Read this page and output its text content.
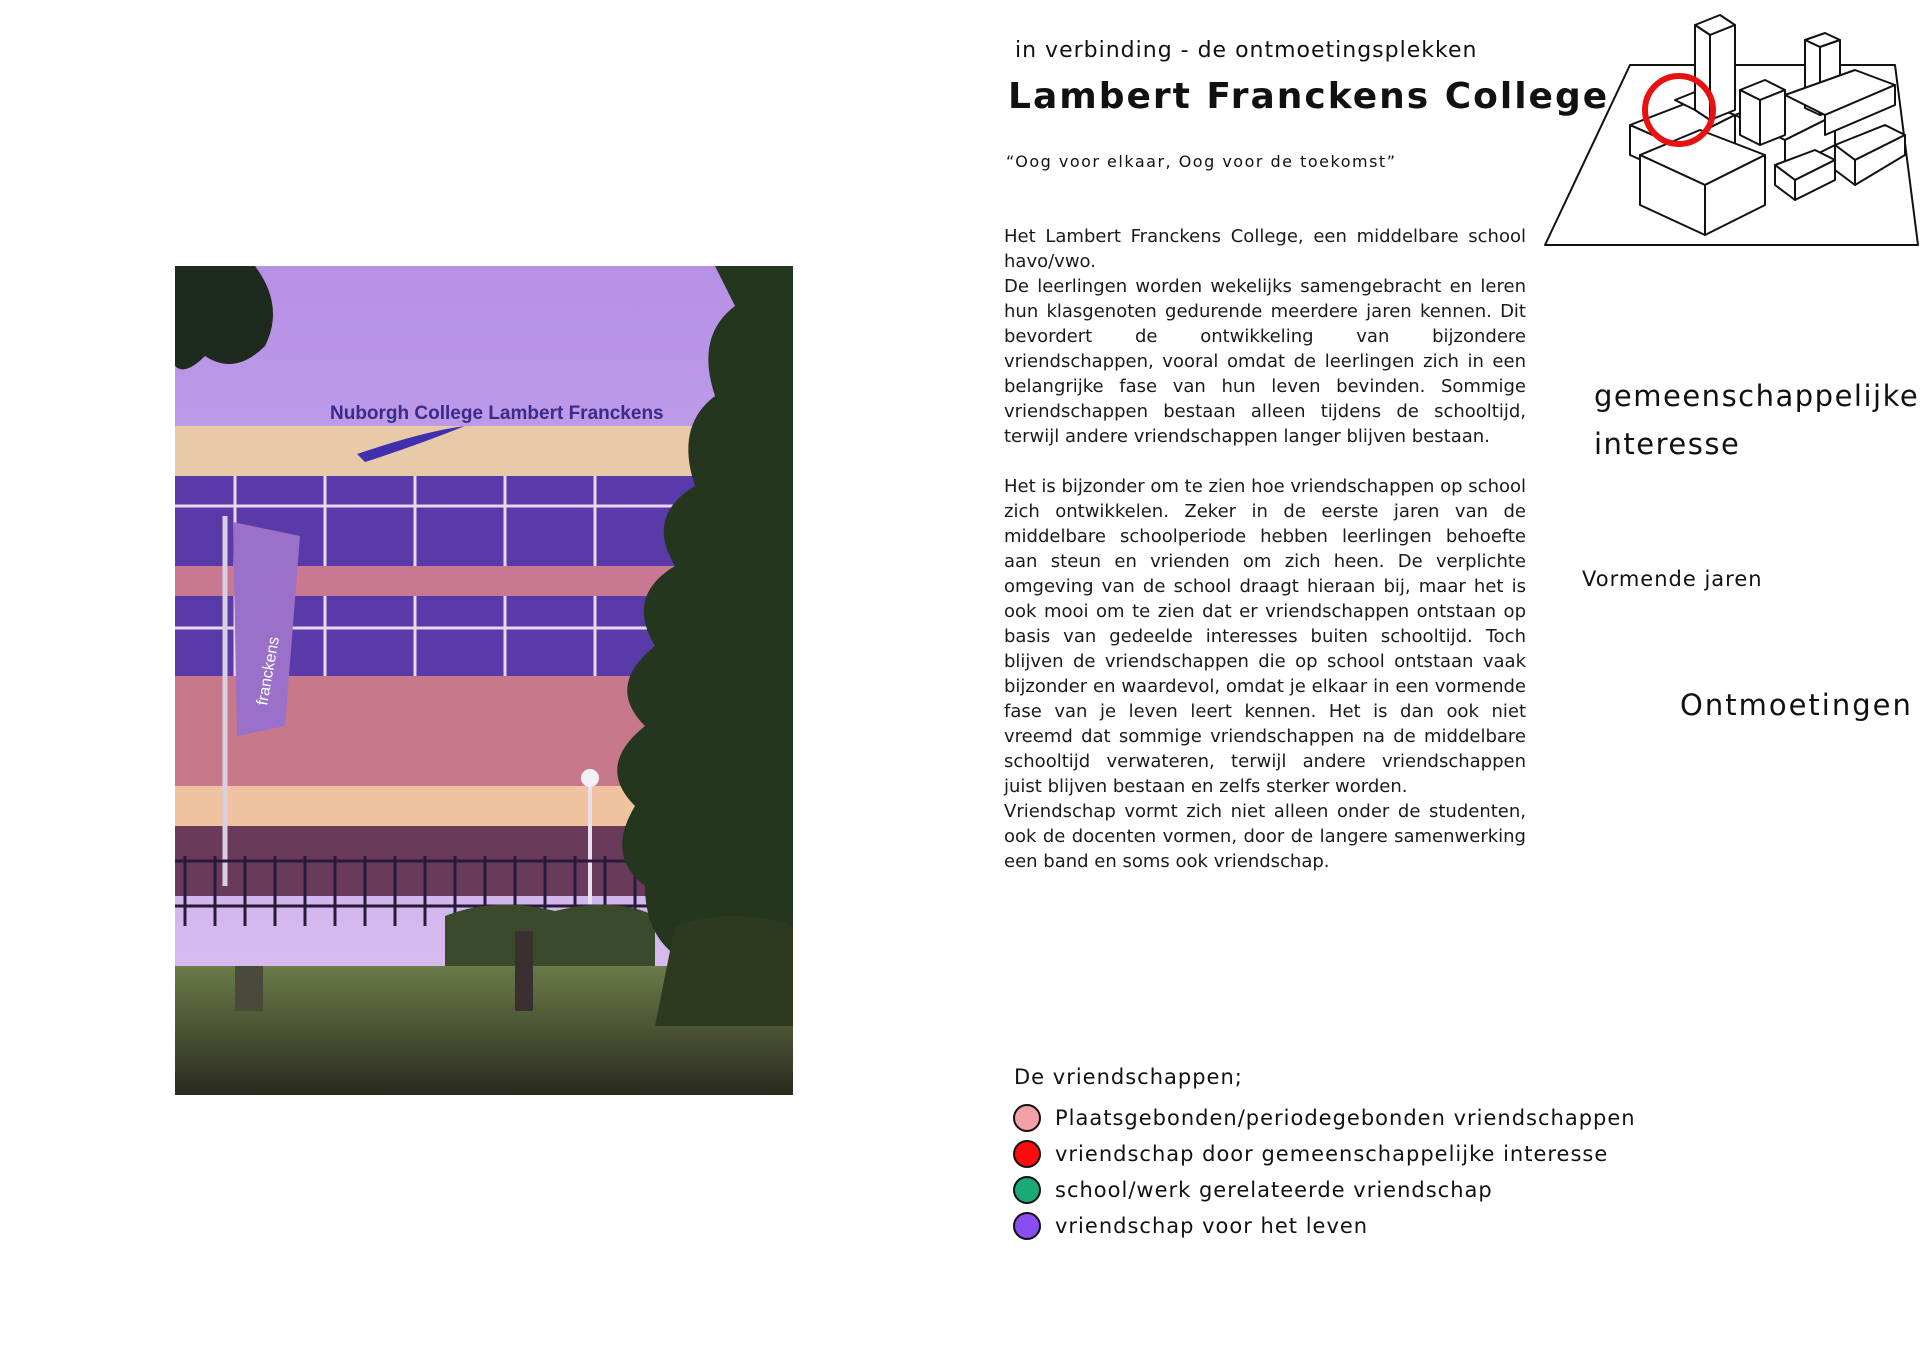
Nuborgh College Lambert Franckens
franckens
in verbinding - de ontmoetingsplekken
Lambert Franckens College
“Oog voor elkaar, Oog voor de toekomst”

Het Lambert Franckens College, een middelbare school havo/vwo.

De leerlingen worden wekelijks samengebracht en leren hun klasgenoten gedurende meerdere jaren kennen. Dit bevordert de ontwikkeling van bijzondere vriendschappen, vooral omdat de leerlingen zich in een belangrijke fase van hun leven bevinden. Sommige vriendschappen bestaan alleen tijdens de schooltijd, terwijl andere vriendschappen langer blijven bestaan.

Het is bijzonder om te zien hoe vriendschappen op school zich ontwikkelen. Zeker in de eerste jaren van de middelbare schoolperiode hebben leerlingen behoefte aan steun en vrienden om zich heen. De verplichte omgeving van de school draagt hieraan bij, maar het is ook mooi om te zien dat er vriendschappen ontstaan op basis van gedeelde interesses buiten schooltijd. Toch blijven de vriendschappen die op school ontstaan vaak bijzonder en waardevol, omdat je elkaar in een vormende fase van je leven leert kennen. Het is dan ook niet vreemd dat sommige vriendschappen na de middelbare schooltijd verwateren, terwijl andere vriendschappen juist blijven bestaan en zelfs sterker worden.

Vriendschap vormt zich niet alleen onder de studenten, ook de docenten vormen, door de langere samenwerking een band en soms ook vriendschap.

gemeenschappelijke
interesse
Vormende jaren
Ontmoetingen
De vriendschappen;
Plaatsgebonden/periodegebonden vriendschappen
vriendschap door gemeenschappelijke interesse
school/werk gerelateerde vriendschap
vriendschap voor het leven
